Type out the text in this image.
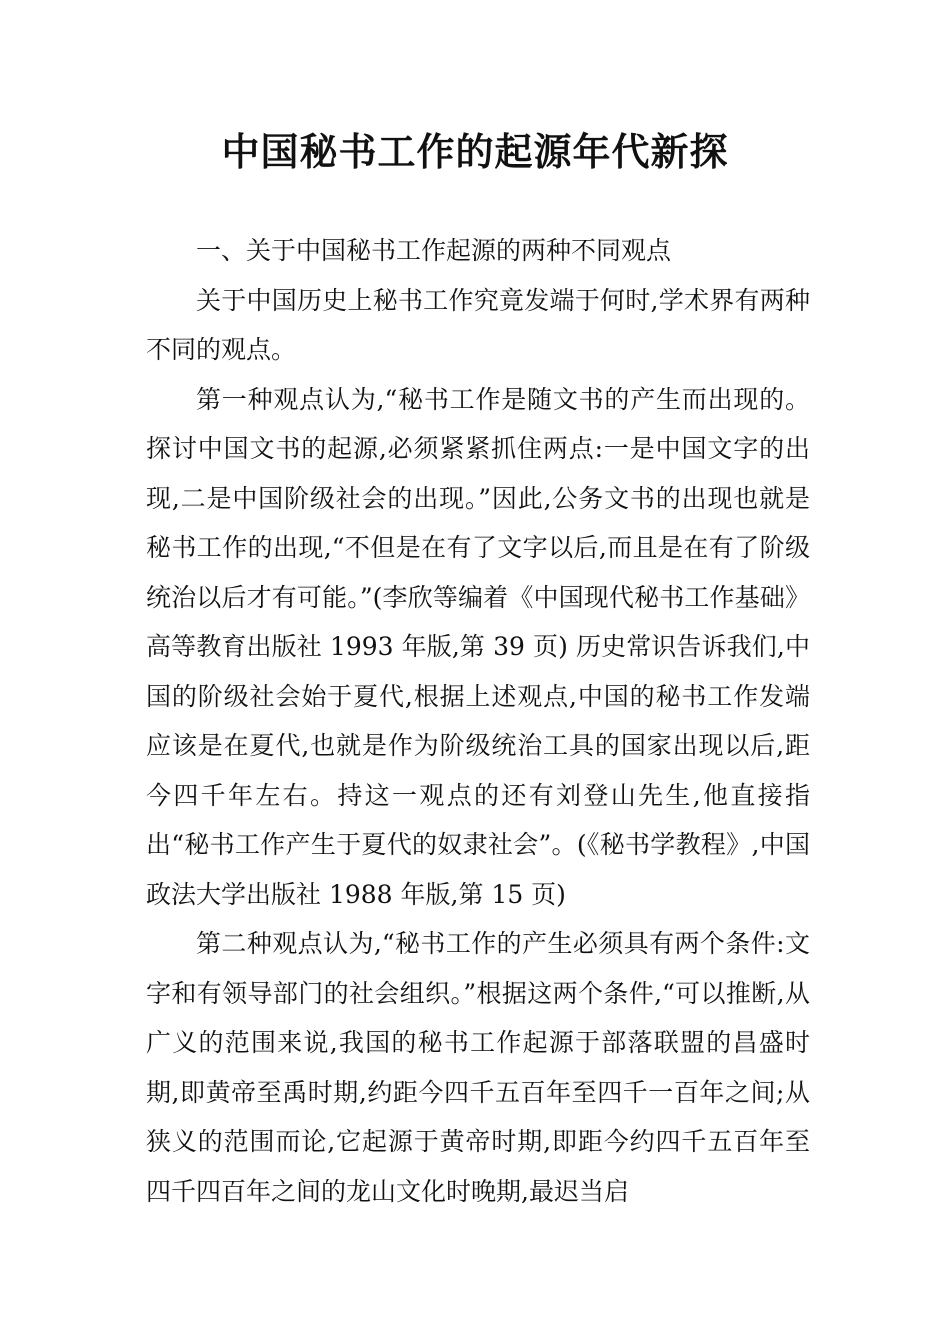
中国秘书工作的起源年代新探

一、关于中国秘书工作起源的两种不同观点

关于中国历史上秘书工作究竟发端于何时,学术界有两种不同的观点。

第一种观点认为,“秘书工作是随文书的产生而出现的。探讨中国文书的起源,必须紧紧抓住两点:一是中国文字的出现,二是中国阶级社会的出现。”因此,公务文书的出现也就是秘书工作的出现,“不但是在有了文字以后,而且是在有了阶级统治以后才有可能。”(李欣等编着《中国现代秘书工作基础》高等教育出版社 1993 年版,第 39 页) 历史常识告诉我们,中国的阶级社会始于夏代,根据上述观点,中国的秘书工作发端应该是在夏代,也就是作为阶级统治工具的国家出现以后,距今四千年左右。持这一观点的还有刘登山先生,他直接指出“秘书工作产生于夏代的奴隶社会”。(《秘书学教程》,中国政法大学出版社 1988 年版,第 15 页)

第二种观点认为,“秘书工作的产生必须具有两个条件:文字和有领导部门的社会组织。”根据这两个条件,“可以推断,从广义的范围来说,我国的秘书工作起源于部落联盟的昌盛时期,即黄帝至禹时期,约距今四千五百年至四千一百年之间;从狭义的范围而论,它起源于黄帝时期,即距今约四千五百年至四千四百年之间的龙山文化时晚期,最迟当启
